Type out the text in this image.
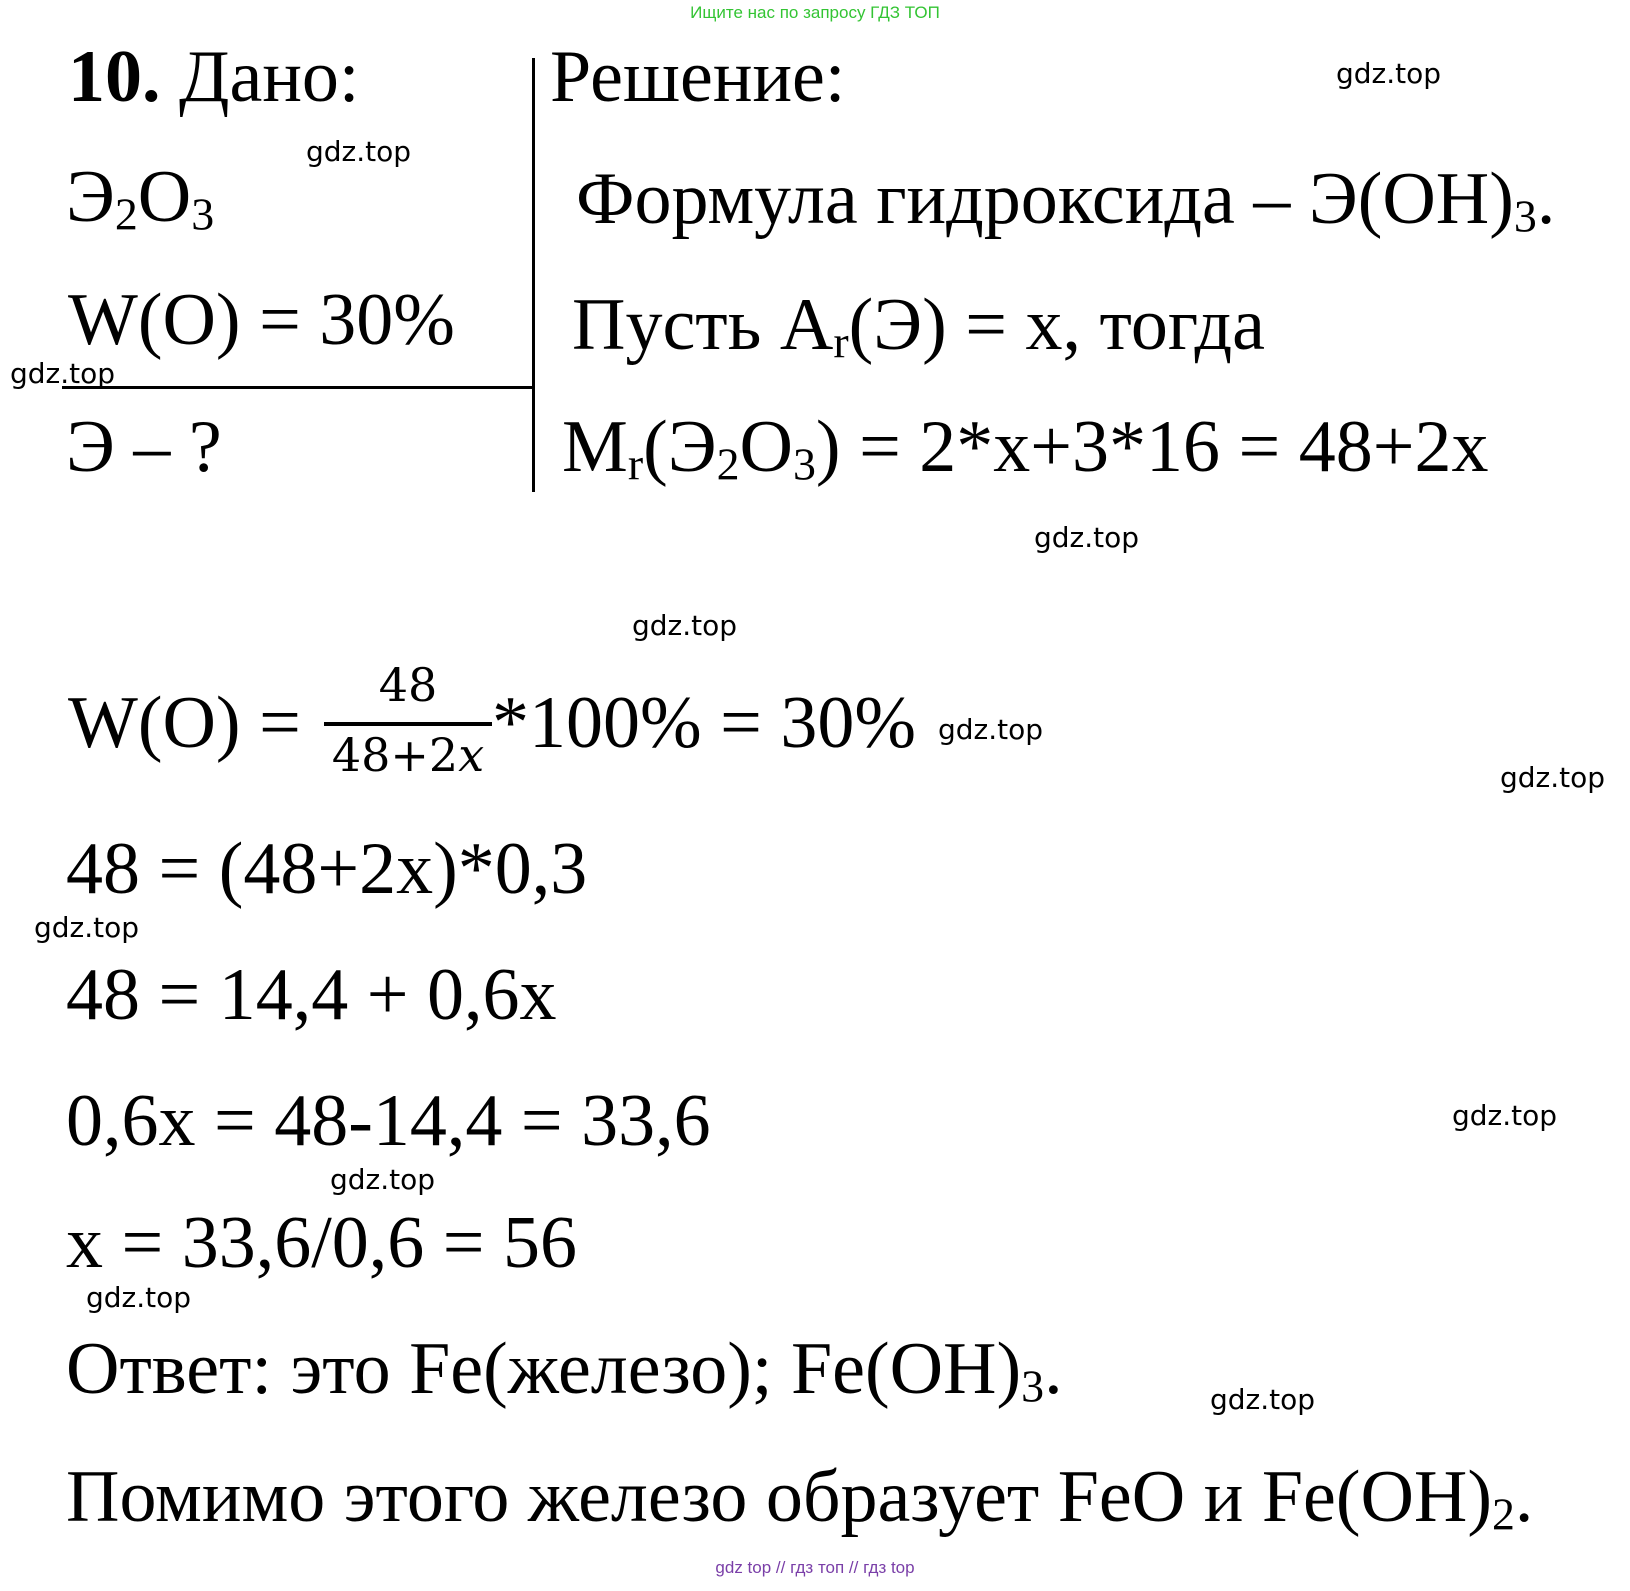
Ищите нас по запросу ГДЗ ТОП
10. Дано:
$Э_2O_3$
W(O) = 30%
Э – ?
Решение:
Формула гидроксида – $Э(OH)_3$.
Пусть $A_r(Э) = x$, тогда
$M_r(Э_2O_3) = 2*x+3*16 = 48+2x$
W(O) =	48
48+2x *100% = 30%
48 = (48+2x)*0,3
48 = 14,4 + 0,6x
0,6x = 48-14,4 = 33,6
x = 33,6/0,6 = 56
Ответ: это Fe(железо); $Fe(OH)_3$.
Помимо этого железо образует FeO и $Fe(OH)_2$.
gdz.top
gdz.top
gdz.top
gdz.top
gdz.top
gdz.top
gdz.top
gdz.top
gdz.top
gdz.top
gdz.top
gdz.top
gdz top // гдз топ // гдз top
